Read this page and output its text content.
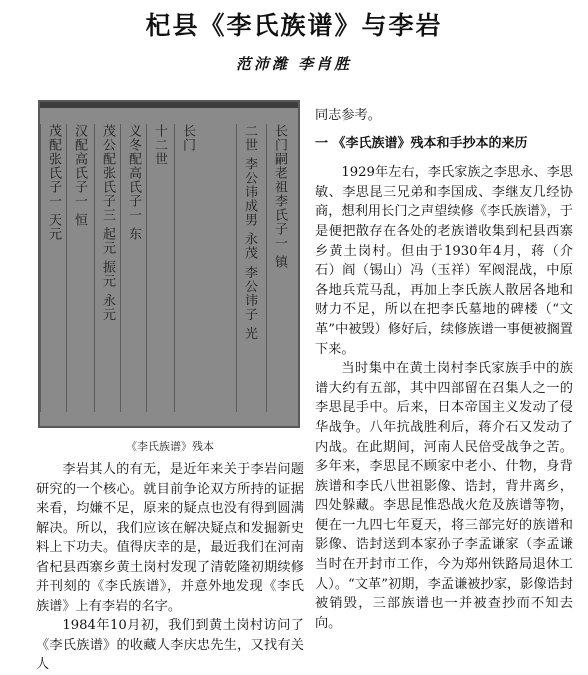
杞县《李氏族谱》与李岩
范沛潍 李肖胜
长门嗣老祖李氏子一 镇
二世 李公讳成男 永茂 李公讳子 光
长门
十二世
义冬配高氏子一 东
茂公配张氏子三 起元 振元 永元
汉配高氏子一 恒
茂配张氏子一 天元
《李氏族谱》残本

李岩其人的有无，是近年来关于李岩问题研究的一个核心。就目前争论双方所持的证据来看，均嫌不足，原来的疑点也没有得到圆满解决。所以，我们应该在解决疑点和发掘新史料上下功夫。值得庆幸的是，最近我们在河南省杞县西寨乡黄土岗村发现了清乾隆初期续修并刊刻的《李氏族谱》，并意外地发现《李氏族谱》上有李岩的名字。

1984年10月初，我们到黄土岗村访问了《李氏族谱》的收藏人李庆忠先生，又找有关人

同志参考。

一 《李氏族谱》残本和手抄本的来历

1929年左右，李氏家族之李思永、李思敏、李思昆三兄弟和李国成、李继友几经协商，想利用长门之声望续修《李氏族谱》，于是便把散存在各处的老族谱收集到杞县西寨乡黄土岗村。但由于1930年4月，蒋（介石）阎（锡山）冯（玉祥）军阀混战，中原各地兵荒马乱，再加上李氏族人散居各地和财力不足，所以在把李氏墓地的碑楼（“文革”中被毁）修好后，续修族谱一事便被搁置下来。

当时集中在黄土岗村李氏家族手中的族谱大约有五部，其中四部留在召集人之一的李思昆手中。后来，日本帝国主义发动了侵华战争。八年抗战胜利后，蒋介石又发动了内战。在此期间，河南人民倍受战争之苦。多年来，李思昆不顾家中老小、什物，身背族谱和李氏八世祖影像、诰封，背井离乡，四处躲藏。李思昆惟恐战火危及族谱等物，便在一九四七年夏天，将三部完好的族谱和影像、诰封送到本家孙子李孟谦家（李孟谦当时在开封市工作，今为郑州铁路局退休工人）。“文革”初期，李孟谦被抄家，影像诰封被销毁，三部族谱也一并被查抄而不知去向。
